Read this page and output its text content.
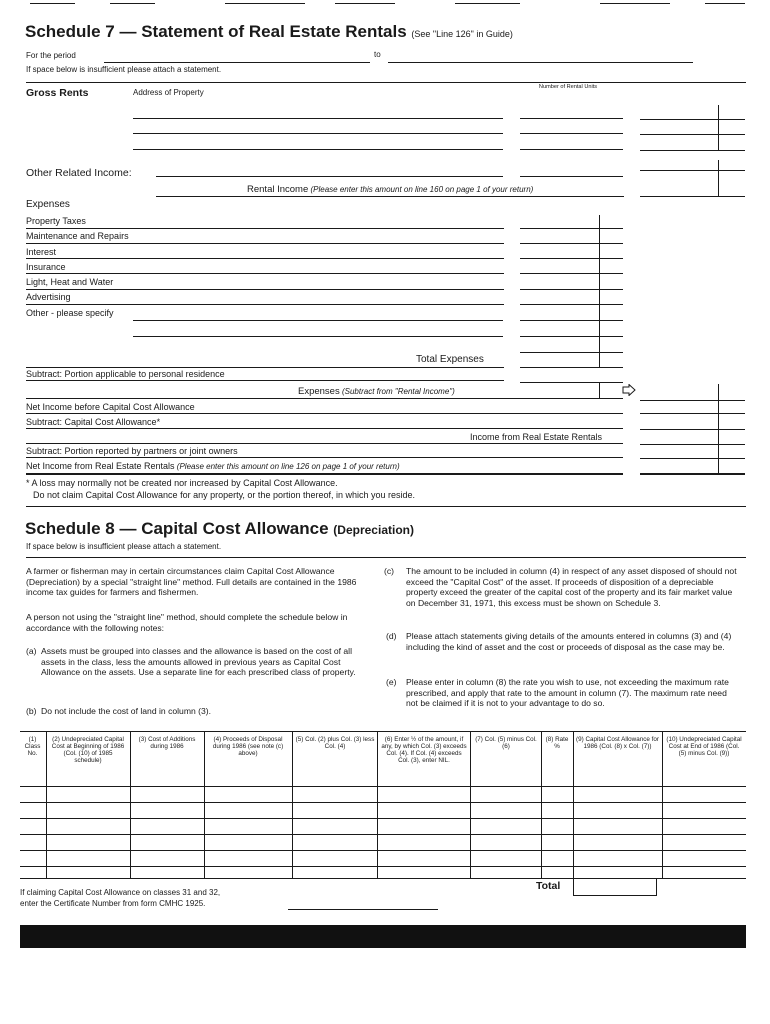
Schedule 7 — Statement of Real Estate Rentals (See "Line 126" in Guide)
For the period	to
If space below is insufficient please attach a statement.
Gross Rents	Address of Property
Number of Rental Units
Other Related Income:
Rental Income (Please enter this amount on line 160 on page 1 of your return)
Expenses
Property Taxes
Maintenance and Repairs
Interest
Insurance
Light, Heat and Water
Advertising
Other - please specify
Total Expenses
Subtract: Portion applicable to personal residence
Expenses (Subtract from "Rental Income")
Net Income before Capital Cost Allowance
Subtract: Capital Cost Allowance*
Income from Real Estate Rentals
Subtract: Portion reported by partners or joint owners
Net Income from Real Estate Rentals (Please enter this amount on line 126 on page 1 of your return)
* A loss may normally not be created nor increased by Capital Cost Allowance.
Do not claim Capital Cost Allowance for any property, or the portion thereof, in which you reside.
Schedule 8 — Capital Cost Allowance (Depreciation)
If space below is insufficient please attach a statement.
A farmer or fisherman may in certain circumstances claim Capital Cost Allowance (Depreciation) by a special "straight line" method. Full details are contained in the 1986 income tax guides for farmers and fishermen.
A person not using the "straight line" method, should complete the schedule below in accordance with the following notes:
(a) Assets must be grouped into classes and the allowance is based on the cost of all assets in the class, less the amounts allowed in previous years as Capital Cost Allowance on the assets. Use a separate line for each prescribed class of property.
(b) Do not include the cost of land in column (3).
(c) The amount to be included in column (4) in respect of any asset disposed of should not exceed the "Capital Cost" of the asset. If proceeds of disposition of a depreciable property exceed the greater of the capital cost of the property and its fair market value on December 31, 1971, this excess must be shown on Schedule 3.
(d) Please attach statements giving details of the amounts entered in columns (3) and (4) including the kind of asset and the cost or proceeds of disposal as the case may be.
(e) Please enter in column (8) the rate you wish to use, not exceeding the maximum rate prescribed, and apply that rate to the amount in column (7). The maximum rate need not be claimed if it is not to your advantage to do so.
(1) Class No.
(2) Undepreciated Capital Cost at Beginning of 1986 (Col. (10) of 1985 schedule)
(3) Cost of Additions during 1986
(4) Proceeds of Disposal during 1986 (see note (c) above)
(5) Col. (2) plus Col. (3) less Col. (4)
(6) Enter ½ of the amount, if any, by which Col. (3) exceeds Col. (4). If Col. (4) exceeds Col. (3), enter NIL.
(7) Col. (5) minus Col. (6)
(8) Rate %
(9) Capital Cost Allowance for 1986 (Col. (8) x Col. (7))
(10) Undepreciated Capital Cost at End of 1986 (Col. (5) minus Col. (9))
Total
If claiming Capital Cost Allowance on classes 31 and 32,
enter the Certificate Number from form CMHC 1925.
